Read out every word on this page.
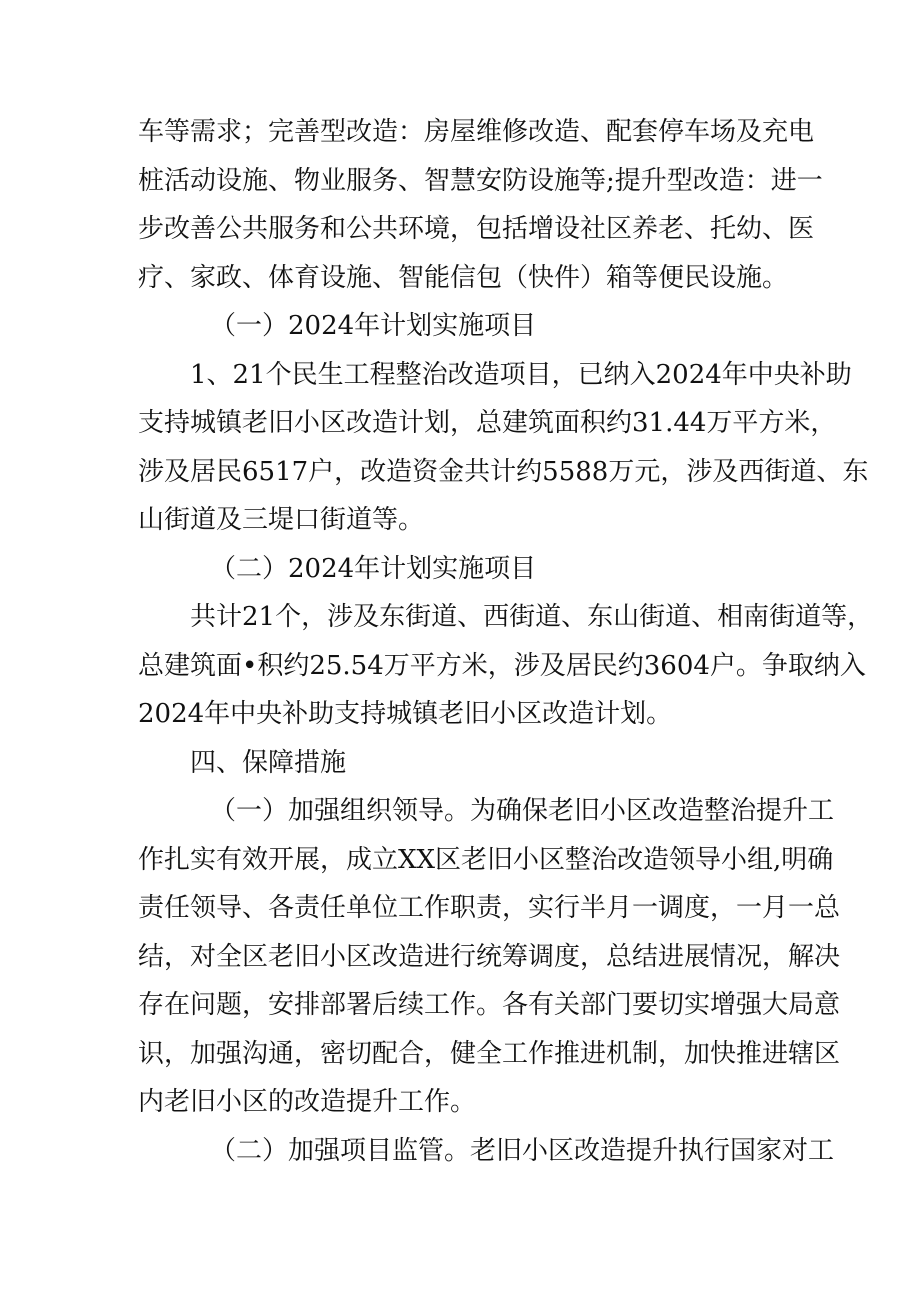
车等需求；完善型改造：房屋维修改造、配套停车场及充电
桩活动设施、物业服务、智慧安防设施等;提升型改造：进一
步改善公共服务和公共环境，包括增设社区养老、托幼、医
疗、家政、体育设施、智能信包（快件）箱等便民设施。
（一）2024年计划实施项目
1、21个民生工程整治改造项目，已纳入2024年中央补助
支持城镇老旧小区改造计划，总建筑面积约31.44万平方米，
涉及居民6517户，改造资金共计约5588万元，涉及西街道、东
山街道及三堤口街道等。
（二）2024年计划实施项目
共计21个，涉及东街道、西街道、东山街道、相南街道等，
总建筑面•积约25.54万平方米，涉及居民约3604户。争取纳入
2024年中央补助支持城镇老旧小区改造计划。
四、保障措施
（一）加强组织领导。为确保老旧小区改造整治提升工
作扎实有效开展，成立XX区老旧小区整治改造领导小组,明确
责任领导、各责任单位工作职责，实行半月一调度，一月一总
结，对全区老旧小区改造进行统筹调度，总结进展情况，解决
存在问题，安排部署后续工作。各有关部门要切实增强大局意
识，加强沟通，密切配合，健全工作推进机制，加快推进辖区
内老旧小区的改造提升工作。
（二）加强项目监管。老旧小区改造提升执行国家对工
